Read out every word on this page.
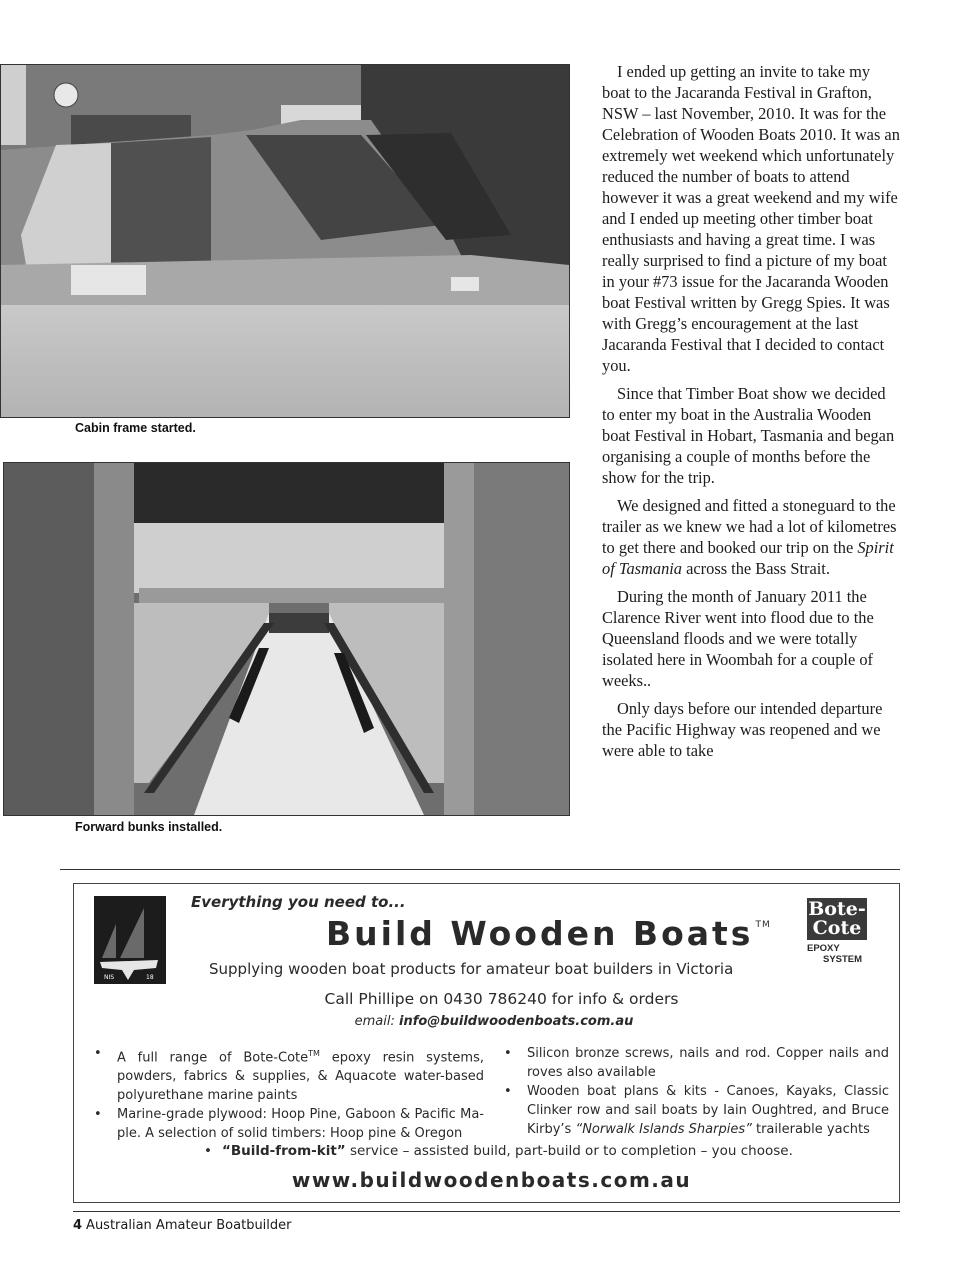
Cabin frame started.
Forward bunks installed.

I ended up getting an invite to take my boat to the Jacaranda Festival in Grafton, NSW – last November, 2010. It was for the Celebration of Wooden Boats 2010. It was an extremely wet weekend which unfortunately reduced the number of boats to attend however it was a great weekend and my wife and I ended up meeting other timber boat enthusiasts and having a great time. I was really surprised to find a picture of my boat in your #73 issue for the Jacaranda Wooden boat Festival written by Gregg Spies. It was with Gregg’s encouragement at the last Jacaranda Festival that I decided to contact you.

Since that Timber Boat show we decided to enter my boat in the Australia Wooden boat Festival in Hobart, Tasmania and began organising a couple of months before the show for the trip.

We designed and fitted a stoneguard to the trailer as we knew we had a lot of kilometres to get there and booked our trip on the Spirit of Tasmania across the Bass Strait.

During the month of January 2011 the Clarence River went into flood due to the Queensland floods and we were totally isolated here in Woombah for a couple of weeks..

Only days before our intended departure the Pacific Highway was reopened and we were able to take

NIS	18
Everything you need to...
Build Wooden Boats ™
Supplying wooden boat products for amateur boat builders in Victoria
Call Phillipe on 0430 786240 for info & orders
email: info@buildwoodenboats.com.au
Bote-
Cote
EPOXY
SYSTEM
• A full range of Bote-Cote™ epoxy resin systems, powders, fabrics & supplies, & Aquacote water-based polyurethane marine paints
• Marine-grade plywood: Hoop Pine, Gaboon & Pacific Ma-ple. A selection of solid timbers: Hoop pine & Oregon
• Silicon bronze screws, nails and rod. Copper nails and roves also available
• Wooden boat plans & kits - Canoes, Kayaks, Classic Clinker row and sail boats by Iain Oughtred, and Bruce Kirby’s “Norwalk Islands Sharpies” trailerable yachts
• “Build-from-kit” service – assisted build, part-build or to completion – you choose.
www.buildwoodenboats.com.au
4 Australian Amateur Boatbuilder
